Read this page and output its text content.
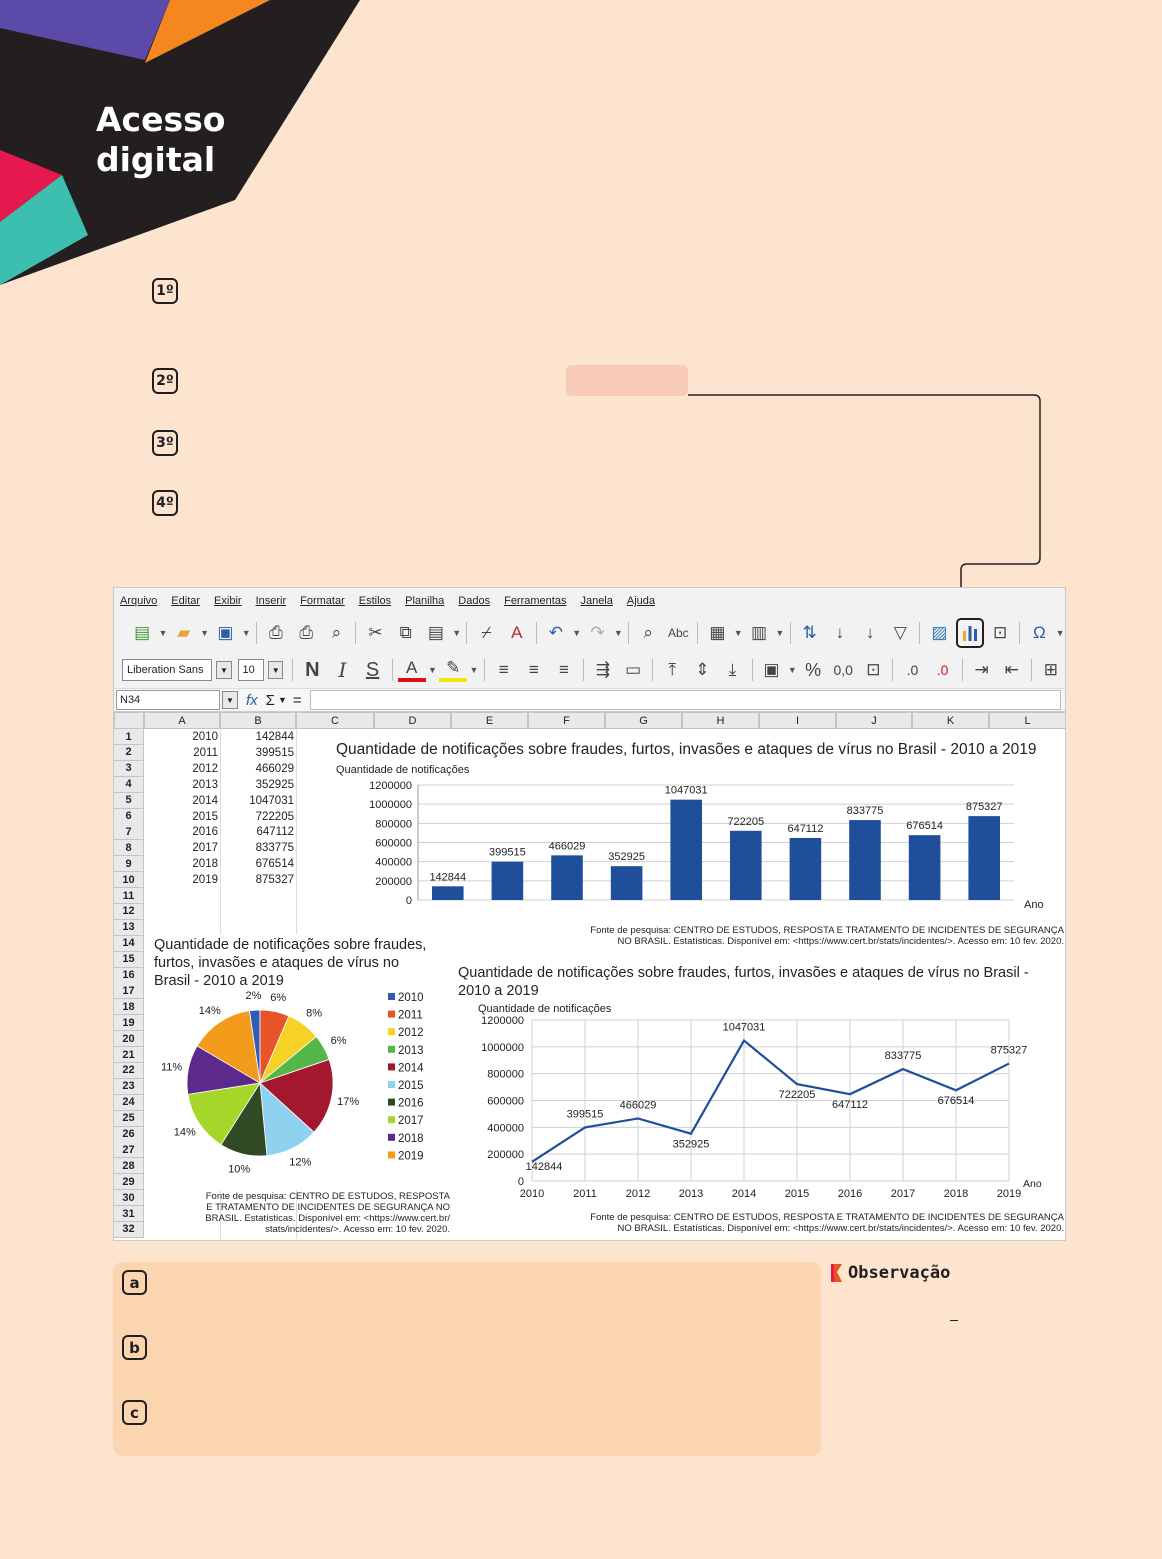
Acesso
digital
1º
2º
3º
4º
Arquivo Editar Exibir Inserir Formatar Estilos Planilha Dados Ferramentas Janela Ajuda
▤ ▼ ▰	▼ ▣ ▼	⎙ ⎙	⌕	✂	⧉ ▤ ▼	⌿	A	↶	▼ ↷	▼	⌕	Abc	▦ ▼ ▥ ▼	⇅	↓	↓	▽	▨	⊡	Ω	▼
Liberation Sans	▼	10	▼	N I S	A	▼ ✎	▼	≡	≡	≡	⇶ ▭	⤒	⇕	⤓	▣ ▼ % 0,0 ⊡	.0	.0	⇥ ⇤	⊞
N34	▼ fx Σ ▼ =
A	B	C	D	E	F	G	H	I	J	K	L
1
2
3
4
5
6
7
8
9
10
11
12
13
14
15
16
17
18
19
20
21
22
23
24
25
26
27
28
29
30
31
32
2010	142844
2011	399515
2012	466029
2013	352925
2014	1047031
2015	722205
2016	647112
2017	833775
2018	676514
2019	875327
Quantidade de notificações sobre fraudes, furtos, invasões e ataques de vírus no Brasil - 2010 a 2019
Quantidade de notificações
0
200000
400000
600000
800000
1000000
1200000
142844
399515
466029
352925
1047031
722205
647112
833775
676514
875327
Ano
Fonte de pesquisa: CENTRO DE ESTUDOS, RESPOSTA E TRATAMENTO DE INCIDENTES DE SEGURANÇA
NO BRASIL. Estatísticas. Disponível em: <https://www.cert.br/stats/incidentes/>. Acesso em: 10 fev. 2020.
Quantidade de notificações sobre fraudes,
furtos, invasões e ataques de vírus no
Brasil - 2010 a 2019
2% 6%
8%
6%
17%
12%
10%
14%
11%
14%
2010
2011
2012
2013
2014
2015
2016
2017
2018
2019
Fonte de pesquisa: CENTRO DE ESTUDOS, RESPOSTA
E TRATAMENTO DE INCIDENTES DE SEGURANÇA NO
BRASIL. Estatísticas. Disponível em: <https://www.cert.br/
stats/incidentes/>. Acesso em: 10 fev. 2020.
Quantidade de notificações sobre fraudes, furtos, invasões e ataques de vírus no Brasil -
2010 a 2019
Quantidade de notificações
0
200000
400000
600000
800000
1000000
1200000
2010	2011	2012	2013	2014	2015	2016	2017	2018	2019
142844
399515
466029
352925
1047031
722205
647112
833775
676514
875327
Ano
Fonte de pesquisa: CENTRO DE ESTUDOS, RESPOSTA E TRATAMENTO DE INCIDENTES DE SEGURANÇA
NO BRASIL. Estatísticas. Disponível em: <https://www.cert.br/stats/incidentes/>. Acesso em: 10 fev. 2020.
a
b
c
Observação
